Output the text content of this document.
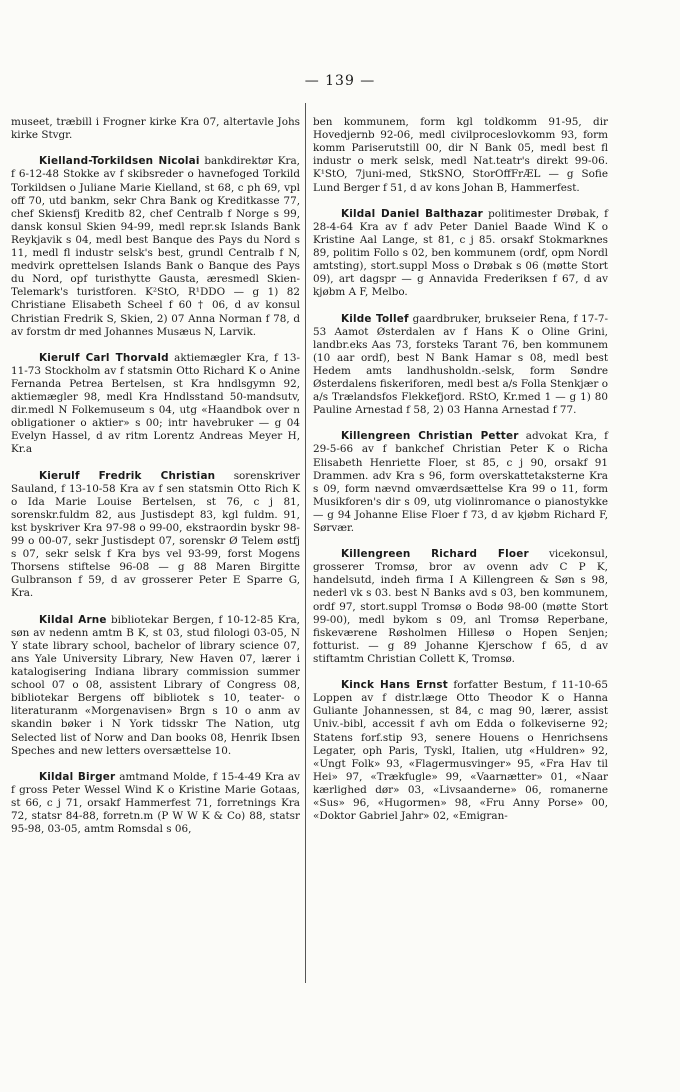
— 139 —

museet, træbill i Frogner kirke Kra 07, altertavle Johs kirke Stvgr.

Kielland-Torkildsen Nicolai bankdirektør Kra, f 6-12-48 Stokke av f skibsreder o havnefoged Torkild Torkildsen o Juliane Marie Kielland, st 68, c ph 69, vpl off 70, utd bankm, sekr Chra Bank og Kreditkasse 77, chef Skiensfj Kreditb 82, chef Centralb f Norge s 99, dansk konsul Skien 94-99, medl repr.sk Islands Bank Reykjavik s 04, medl best Banque des Pays du Nord s 11, medl fl industr selsk's best, grundl Centralb f N, medvirk oprettelsen Islands Bank o Banque des Pays du Nord, opf turisthytte Gausta, æresmedl Skien-Telemark's turistforen. K²StO, R¹DDO — g 1) 82 Christiane Elisabeth Scheel f 60 † 06, d av konsul Christian Fredrik S, Skien, 2) 07 Anna Norman f 78, d av forstm dr med Johannes Musæus N, Larvik.

Kierulf Carl Thorvald aktiemægler Kra, f 13-11-73 Stockholm av f statsmin Otto Richard K o Anine Fernanda Petrea Bertelsen, st Kra hndlsgymn 92, aktiemægler 98, medl Kra Hndlsstand 50-mandsutv, dir.medl N Folkemuseum s 04, utg «Haandbok over n obligationer o aktier» s 00; intr havebruker — g 04 Evelyn Hassel, d av ritm Lorentz Andreas Meyer H, Kr.a

Kierulf Fredrik Christian sorenskriver Sauland, f 13-10-58 Kra av f sen statsmin Otto Rich K o Ida Marie Louise Bertelsen, st 76, c j 81, sorenskr.fuldm 82, aus Justisdept 83, kgl fuldm. 91, kst byskriver Kra 97-98 o 99-00, ekstraordin byskr 98-99 o 00-07, sekr Justisdept 07, sorenskr Ø Telem østfj s 07, sekr selsk f Kra bys vel 93-99, forst Mogens Thorsens stiftelse 96-08 — g 88 Maren Birgitte Gulbranson f 59, d av grosserer Peter E Sparre G, Kra.

Kildal Arne bibliotekar Bergen, f 10-12-85 Kra, søn av nedenn amtm B K, st 03, stud filologi 03-05, N Y state library school, bachelor of library science 07, ans Yale University Library, New Haven 07, lærer i katalogisering Indiana library commission summer school 07 o 08, assistent Library of Congress 08, bibliotekar Bergens off bibliotek s 10, teater- o literaturanm «Morgenavisen» Brgn s 10 o anm av skandin bøker i N York tidsskr The Nation, utg Selected list of Norw and Dan books 08, Henrik Ibsen Speches and new letters oversættelse 10.

Kildal Birger amtmand Molde, f 15-4-49 Kra av f gross Peter Wessel Wind K o Kristine Marie Gotaas, st 66, c j 71, orsakf Hammerfest 71, forretnings Kra 72, statsr 84-88, forretn.m (P W W K & Co) 88, statsr 95-98, 03-05, amtm Romsdal s 06,

ben kommunem, form kgl toldkomm 91-95, dir Hovedjernb 92-06, medl civilproceslovkomm 93, form komm Pariserutstill 00, dir N Bank 05, medl best fl industr o merk selsk, medl Nat.teatr's direkt 99-06. K¹StO, 7juni-med, StkSNO, StorOffFrÆL — g Sofie Lund Berger f 51, d av kons Johan B, Hammerfest.

Kildal Daniel Balthazar politimester Drøbak, f 28-4-64 Kra av f adv Peter Daniel Baade Wind K o Kristine Aal Lange, st 81, c j 85. orsakf Stokmarknes 89, politim Follo s 02, ben kommunem (ordf, opm Nordl amtsting), stort.suppl Moss o Drøbak s 06 (møtte Stort 09), art dagspr — g Annavida Frederiksen f 67, d av kjøbm A F, Melbo.

Kilde Tollef gaardbruker, brukseier Rena, f 17-7-53 Aamot Østerdalen av f Hans K o Oline Grini, landbr.eks Aas 73, forsteks Tarant 76, ben kommunem (10 aar ordf), best N Bank Hamar s 08, medl best Hedem amts landhusholdn.-selsk, form Søndre Østerdalens fiskeriforen, medl best a/s Folla Stenkjær o a/s Trælandsfos Flekkefjord. RStO, Kr.med 1 — g 1) 80 Pauline Arnestad f 58, 2) 03 Hanna Arnestad f 77.

Killengreen Christian Petter advokat Kra, f 29-5-66 av f bankchef Christian Peter K o Richa Elisabeth Henriette Floer, st 85, c j 90, orsakf 91 Drammen. adv Kra s 96, form overskattetaksterne Kra s 09, form nævnd omværdsættelse Kra 99 o 11, form Musikforen's dir s 09, utg violinromance o pianostykke — g 94 Johanne Elise Floer f 73, d av kjøbm Richard F, Sørvær.

Killengreen Richard Floer vicekonsul, grosserer Tromsø, bror av ovenn adv C P K, handelsutd, indeh firma I A Killengreen & Søn s 98, nederl vk s 03. best N Banks avd s 03, ben kommunem, ordf 97, stort.suppl Tromsø o Bodø 98-00 (møtte Stort 99-00), medl bykom s 09, anl Tromsø Reperbane, fiskeværene Røsholmen Hillesø o Hopen Senjen; fotturist. — g 89 Johanne Kjerschow f 65, d av stiftamtm Christian Collett K, Tromsø.

Kinck Hans Ernst forfatter Bestum, f 11-10-65 Loppen av f distr.læge Otto Theodor K o Hanna Guliante Johannessen, st 84, c mag 90, lærer, assist Univ.-bibl, accessit f avh om Edda o folkeviserne 92; Statens forf.stip 93, senere Houens o Henrichsens Legater, oph Paris, Tyskl, Italien, utg «Huldren» 92, «Ungt Folk» 93, «Flagermusvinger» 95, «Fra Hav til Hei» 97, «Trækfugle» 99, «Vaarnætter» 01, «Naar kærlighed dør» 03, «Livsaanderne» 06, romanerne «Sus» 96, «Hugormen» 98, «Fru Anny Porse» 00, «Doktor Gabriel Jahr» 02, «Emigran-
